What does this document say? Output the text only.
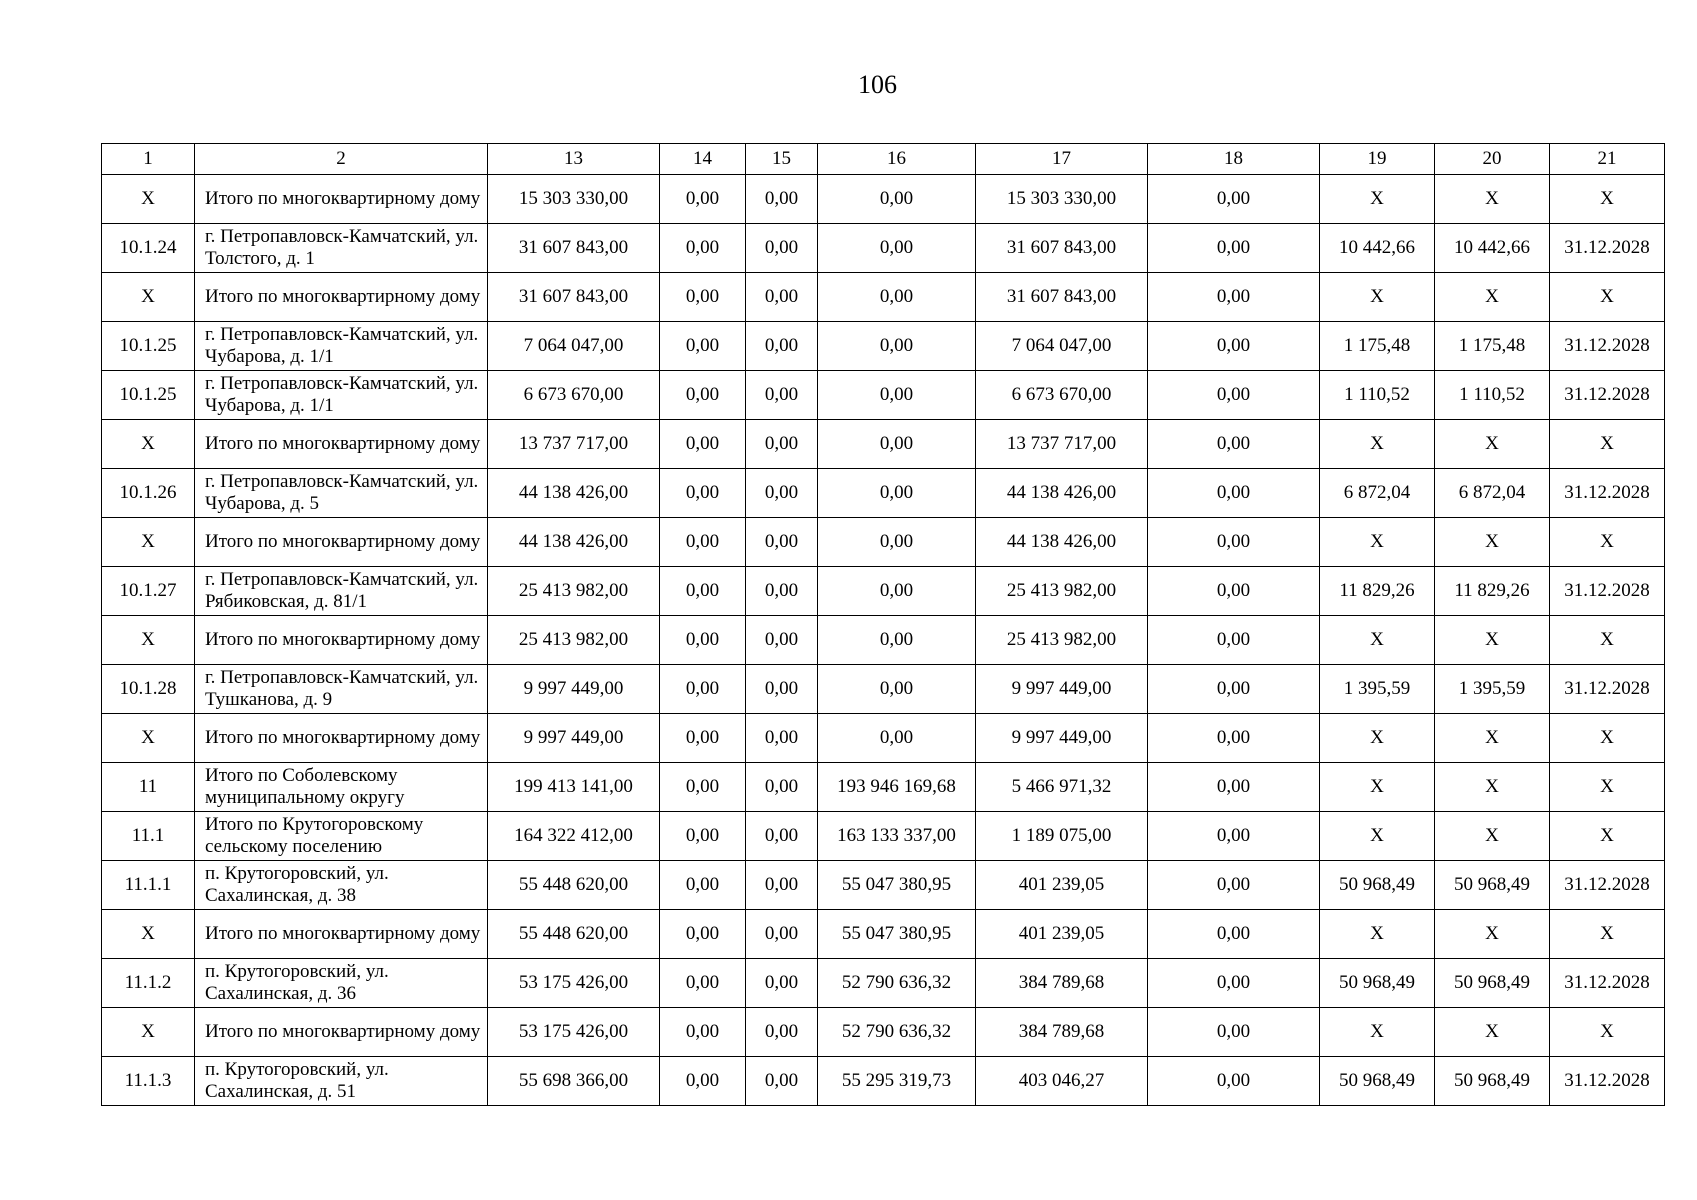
106
1	2	13	14	15	16	17	18	19	20	21
X	Итого по многоквартирному дому	15 303 330,00	0,00	0,00	0,00	15 303 330,00	0,00	X	X	X
10.1.24	г. Петропавловск-Камчатский, ул. Толстого, д. 1	31 607 843,00	0,00	0,00	0,00	31 607 843,00	0,00	10 442,66	10 442,66	31.12.2028
X	Итого по многоквартирному дому	31 607 843,00	0,00	0,00	0,00	31 607 843,00	0,00	X	X	X
10.1.25	г. Петропавловск-Камчатский, ул. Чубарова, д. 1/1	7 064 047,00	0,00	0,00	0,00	7 064 047,00	0,00	1 175,48	1 175,48	31.12.2028
10.1.25	г. Петропавловск-Камчатский, ул. Чубарова, д. 1/1	6 673 670,00	0,00	0,00	0,00	6 673 670,00	0,00	1 110,52	1 110,52	31.12.2028
X	Итого по многоквартирному дому	13 737 717,00	0,00	0,00	0,00	13 737 717,00	0,00	X	X	X
10.1.26	г. Петропавловск-Камчатский, ул. Чубарова, д. 5	44 138 426,00	0,00	0,00	0,00	44 138 426,00	0,00	6 872,04	6 872,04	31.12.2028
X	Итого по многоквартирному дому	44 138 426,00	0,00	0,00	0,00	44 138 426,00	0,00	X	X	X
10.1.27	г. Петропавловск-Камчатский, ул. Рябиковская, д. 81/1	25 413 982,00	0,00	0,00	0,00	25 413 982,00	0,00	11 829,26	11 829,26	31.12.2028
X	Итого по многоквартирному дому	25 413 982,00	0,00	0,00	0,00	25 413 982,00	0,00	X	X	X
10.1.28	г. Петропавловск-Камчатский, ул. Тушканова, д. 9	9 997 449,00	0,00	0,00	0,00	9 997 449,00	0,00	1 395,59	1 395,59	31.12.2028
X	Итого по многоквартирному дому	9 997 449,00	0,00	0,00	0,00	9 997 449,00	0,00	X	X	X
11	Итого по Соболевскому муниципальному округу	199 413 141,00	0,00	0,00	193 946 169,68	5 466 971,32	0,00	X	X	X
11.1	Итого по Крутогоровскому сельскому поселению	164 322 412,00	0,00	0,00	163 133 337,00	1 189 075,00	0,00	X	X	X
11.1.1	п. Крутогоровский, ул. Сахалинская, д. 38	55 448 620,00	0,00	0,00	55 047 380,95	401 239,05	0,00	50 968,49	50 968,49	31.12.2028
X	Итого по многоквартирному дому	55 448 620,00	0,00	0,00	55 047 380,95	401 239,05	0,00	X	X	X
11.1.2	п. Крутогоровский, ул. Сахалинская, д. 36	53 175 426,00	0,00	0,00	52 790 636,32	384 789,68	0,00	50 968,49	50 968,49	31.12.2028
X	Итого по многоквартирному дому	53 175 426,00	0,00	0,00	52 790 636,32	384 789,68	0,00	X	X	X
11.1.3	п. Крутогоровский, ул. Сахалинская, д. 51	55 698 366,00	0,00	0,00	55 295 319,73	403 046,27	0,00	50 968,49	50 968,49	31.12.2028
